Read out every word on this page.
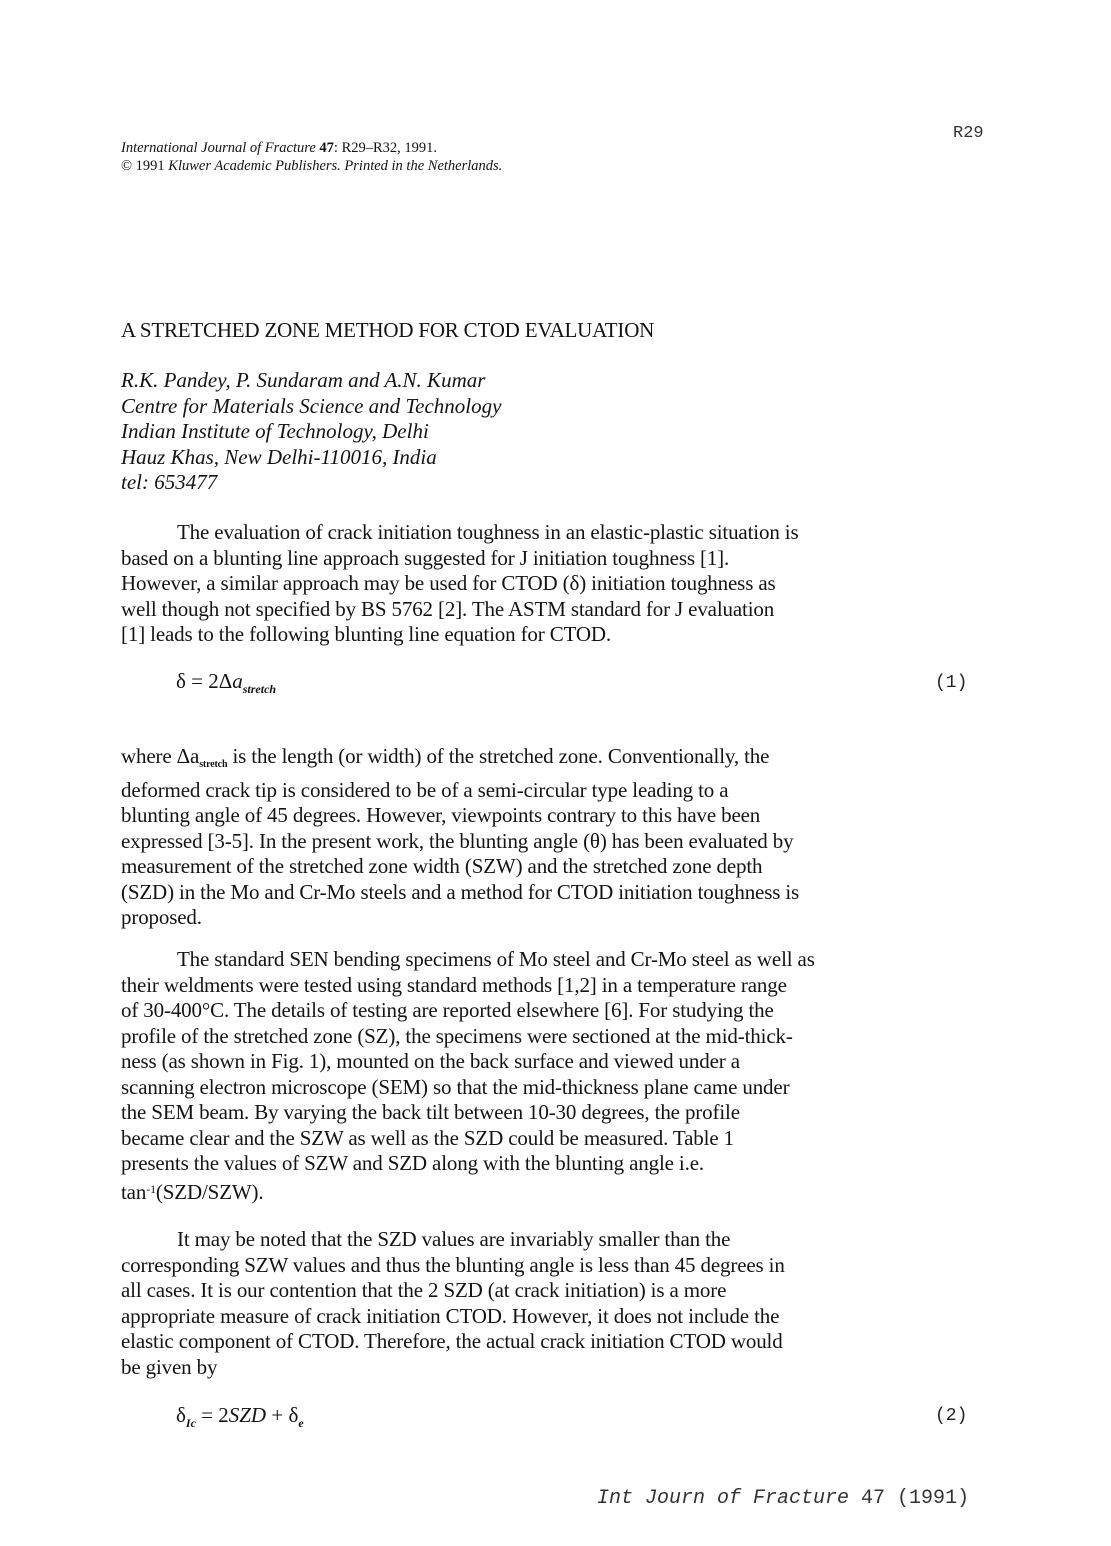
R29
International Journal of Fracture 47: R29–R32, 1991.
© 1991 Kluwer Academic Publishers. Printed in the Netherlands.
A STRETCHED ZONE METHOD FOR CTOD EVALUATION
R.K. Pandey, P. Sundaram and A.N. Kumar
Centre for Materials Science and Technology
Indian Institute of Technology, Delhi
Hauz Khas, New Delhi-110016, India
tel: 653477
The evaluation of crack initiation toughness in an elastic-plastic situation is
based on a blunting line approach suggested for J initiation toughness [1].
However, a similar approach may be used for CTOD (δ) initiation toughness as
well though not specified by BS 5762 [2]. The ASTM standard for J evaluation
[1] leads to the following blunting line equation for CTOD.
$\delta = 2\Delta a_{stretch}$	(1)
where Δastretch is the length (or width) of the stretched zone. Conventionally, the
deformed crack tip is considered to be of a semi-circular type leading to a
blunting angle of 45 degrees. However, viewpoints contrary to this have been
expressed [3-5]. In the present work, the blunting angle (θ) has been evaluated by
measurement of the stretched zone width (SZW) and the stretched zone depth
(SZD) in the Mo and Cr-Mo steels and a method for CTOD initiation toughness is
proposed.
The standard SEN bending specimens of Mo steel and Cr-Mo steel as well as
their weldments were tested using standard methods [1,2] in a temperature range
of 30-400°C. The details of testing are reported elsewhere [6]. For studying the
profile of the stretched zone (SZ), the specimens were sectioned at the mid-thick-
ness (as shown in Fig. 1), mounted on the back surface and viewed under a
scanning electron microscope (SEM) so that the mid-thickness plane came under
the SEM beam. By varying the back tilt between 10-30 degrees, the profile
became clear and the SZW as well as the SZD could be measured. Table 1
presents the values of SZW and SZD along with the blunting angle i.e.
$\tan^{-1}(SZD/SZW)$.
It may be noted that the SZD values are invariably smaller than the
corresponding SZW values and thus the blunting angle is less than 45 degrees in
all cases. It is our contention that the 2 SZD (at crack initiation) is a more
appropriate measure of crack initiation CTOD. However, it does not include the
elastic component of CTOD. Therefore, the actual crack initiation CTOD would
be given by
$\delta_{Ic} = 2SZD + \delta_e$	(2)
Int Journ of Fracture 47 (1991)
